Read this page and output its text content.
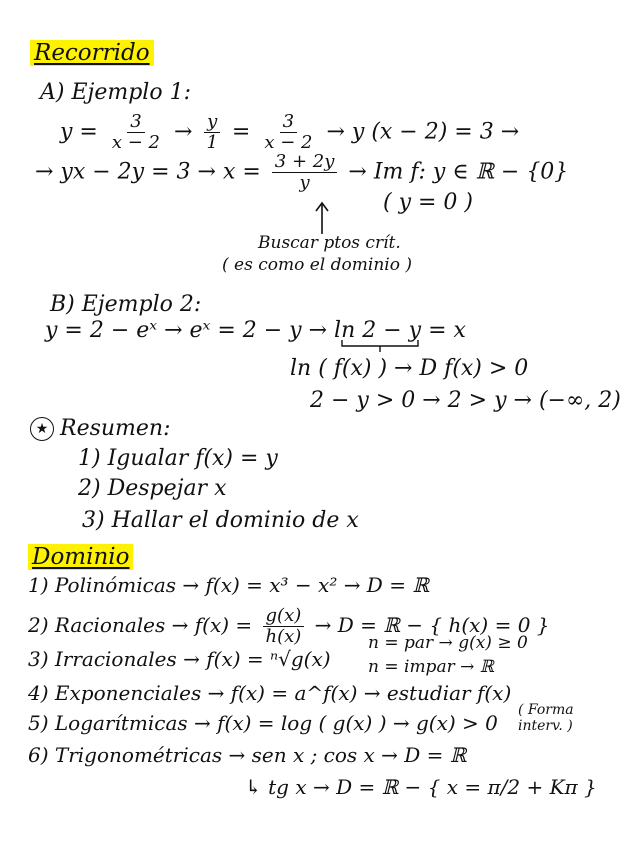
Recorrido
A) Ejemplo 1:
$y = \frac{3}{x - 2} \to \frac{y}{1} = \frac{3}{x - 2} \to y$ (x − 2) = 3 →
→ yx − $2y = 3 \to x = \frac{3 + 2y}{y} \to Im$ f: y ∈ ℝ − {0}
( y = 0 )
Buscar ptos crít.
( es como el dominio )
B) Ejemplo 2:
y = 2 − eˣ → eˣ = 2 − y → ln 2 − y = x
ln ( f(x) ) → D f(x) > 0
2 − y > 0 → 2 > y → (−∞, 2)
★ Resumen:
1) Igualar f(x) = y
2) Despejar x
3) Hallar el dominio de x
Dominio
1) Polinómicas → f(x) = x³ − x² → D = ℝ
2) Racionales → $f(x) = \frac{g(x)}{h(x)} \to D$ = ℝ − { h(x) = 0 }
3) Irracionales → f(x) = ⁿ√g(x)
n = par → g(x) ≥ 0
n = impar → ℝ
4) Exponenciales → f(x) = a^f(x) → estudiar f(x)
5) Logarítmicas → f(x) = log ( g(x) ) → g(x) > 0
( Forma interv. )
6) Trigonométricas → sen x ; cos x → D = ℝ
↳ tg x → D = ℝ − { x = π/2 + Kπ }
